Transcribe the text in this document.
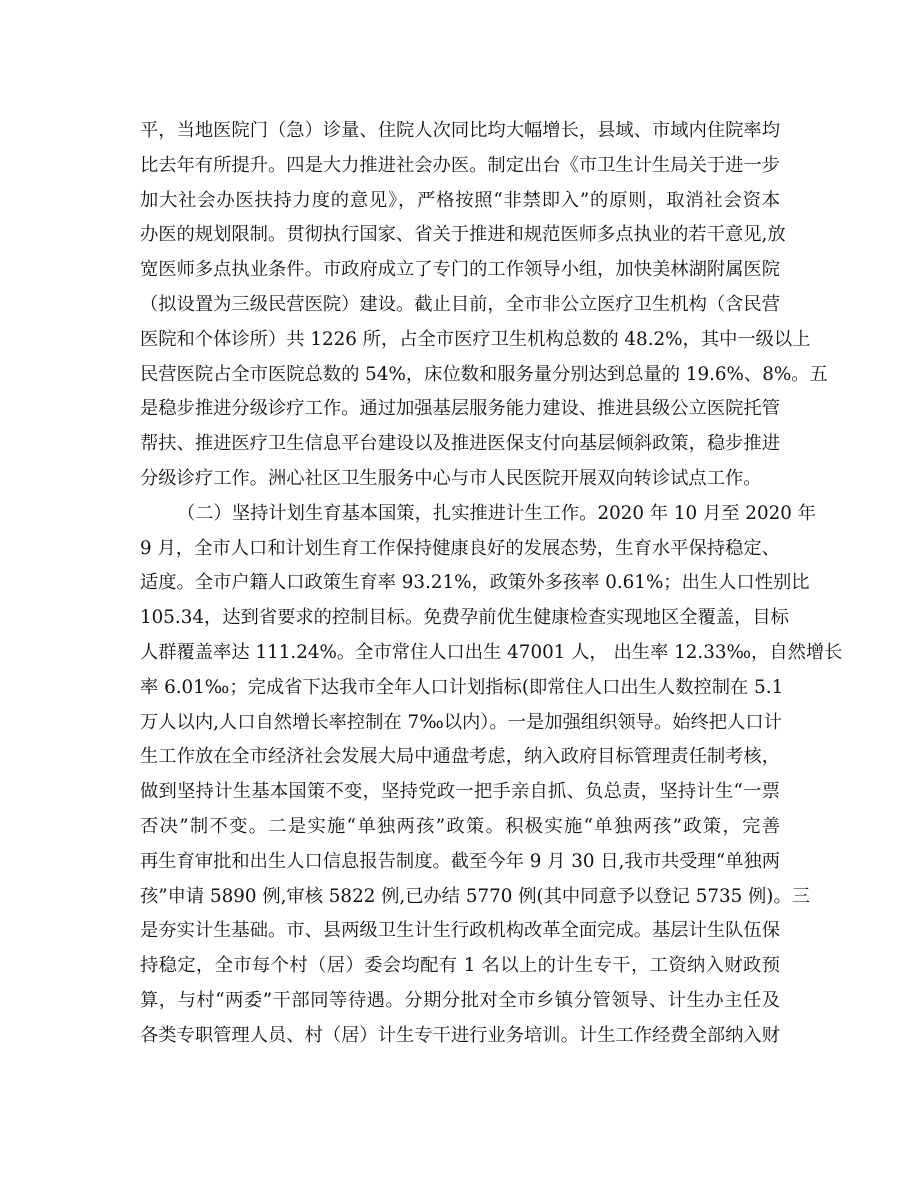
平，当地医院门（急）诊量、住院人次同比均大幅增长，县域、市域内住院率均
比去年有所提升。四是大力推进社会办医。制定出台《市卫生计生局关于进一步
加大社会办医扶持力度的意见》，严格按照“非禁即入”的原则，取消社会资本
办医的规划限制。贯彻执行国家、省关于推进和规范医师多点执业的若干意见,放
宽医师多点执业条件。市政府成立了专门的工作领导小组，加快美林湖附属医院
（拟设置为三级民营医院）建设。截止目前，全市非公立医疗卫生机构（含民营
医院和个体诊所）共 1226 所，占全市医疗卫生机构总数的 48.2%，其中一级以上
民营医院占全市医院总数的 54%，床位数和服务量分别达到总量的 19.6%、8%。五
是稳步推进分级诊疗工作。通过加强基层服务能力建设、推进县级公立医院托管
帮扶、推进医疗卫生信息平台建设以及推进医保支付向基层倾斜政策，稳步推进
分级诊疗工作。洲心社区卫生服务中心与市人民医院开展双向转诊试点工作。
（二）坚持计划生育基本国策，扎实推进计生工作。2020 年 10 月至 2020 年
9 月，全市人口和计划生育工作保持健康良好的发展态势，生育水平保持稳定、
适度。全市户籍人口政策生育率 93.21%，政策外多孩率 0.61%；出生人口性别比
105.34，达到省要求的控制目标。免费孕前优生健康检查实现地区全覆盖，目标
人群覆盖率达 111.24%。全市常住人口出生 47001 人， 出生率 12.33‰，自然增长
率 6.01‰；完成省下达我市全年人口计划指标(即常住人口出生人数控制在 5.1
万人以内,人口自然增长率控制在 7‰以内）。一是加强组织领导。始终把人口计
生工作放在全市经济社会发展大局中通盘考虑，纳入政府目标管理责任制考核，
做到坚持计生基本国策不变，坚持党政一把手亲自抓、负总责，坚持计生“一票
否决”制不变。二是实施“单独两孩”政策。积极实施“单独两孩”政策，完善
再生育审批和出生人口信息报告制度。截至今年 9 月 30 日,我市共受理“单独两
孩”申请 5890 例,审核 5822 例,已办结 5770 例(其中同意予以登记 5735 例)。三
是夯实计生基础。市、县两级卫生计生行政机构改革全面完成。基层计生队伍保
持稳定，全市每个村（居）委会均配有 1 名以上的计生专干，工资纳入财政预
算，与村“两委”干部同等待遇。分期分批对全市乡镇分管领导、计生办主任及
各类专职管理人员、村（居）计生专干进行业务培训。计生工作经费全部纳入财
